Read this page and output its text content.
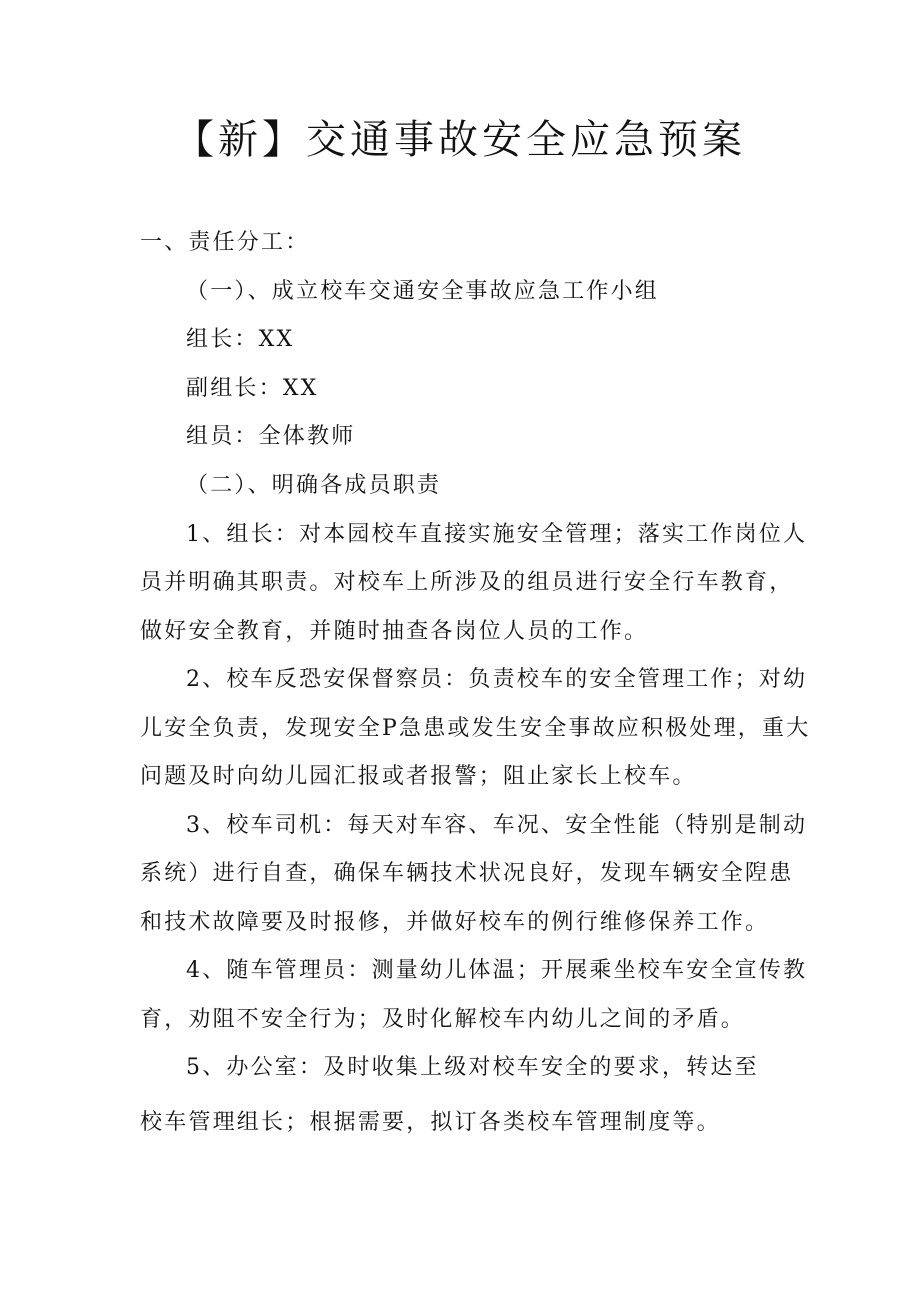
【新】交通事故安全应急预案
一、责任分工：
（一）、成立校车交通安全事故应急工作小组
组长：XX
副组长：XX
组员：全体教师
（二）、明确各成员职责
1、组长：对本园校车直接实施安全管理；落实工作岗位人
员并明确其职责。对校车上所涉及的组员进行安全行车教育，
做好安全教育，并随时抽查各岗位人员的工作。
2、校车反恐安保督察员：负责校车的安全管理工作；对幼
儿安全负责，发现安全P急患或发生安全事故应积极处理，重大
问题及时向幼儿园汇报或者报警；阻止家长上校车。
3、校车司机：每天对车容、车况、安全性能（特别是制动
系统）进行自查，确保车辆技术状况良好，发现车辆安全隉患
和技术故障要及时报修，并做好校车的例行维修保养工作。
4、随车管理员：测量幼儿体温；开展乘坐校车安全宣传教
育，劝阻不安全行为；及时化解校车内幼儿之间的矛盾。
5、办公室：及时收集上级对校车安全的要求，转达至
校车管理组长；根据需要，拟订各类校车管理制度等。
